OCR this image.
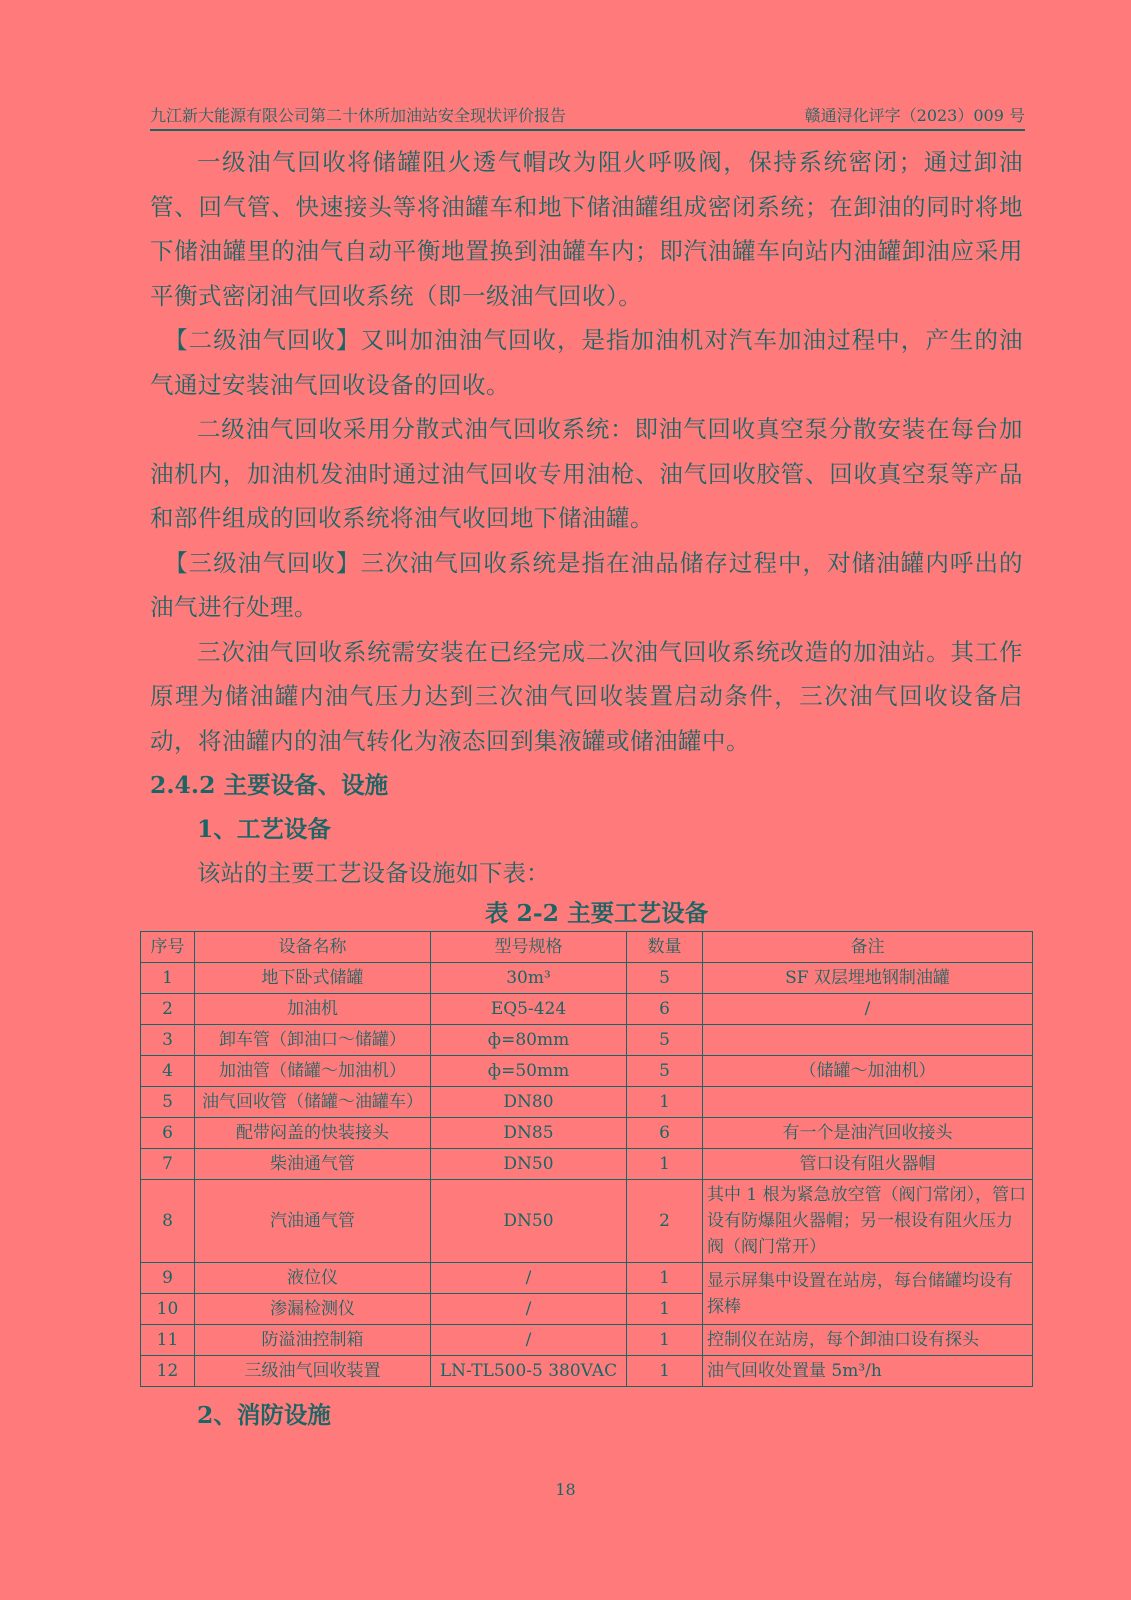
九江新大能源有限公司第二十休所加油站安全现状评价报告	赣通浔化评字（2023）009 号

一级油气回收将储罐阻火透气帽改为阻火呼吸阀，保持系统密闭；通过卸油管、回气管、快速接头等将油罐车和地下储油罐组成密闭系统；在卸油的同时将地下储油罐里的油气自动平衡地置换到油罐车内；即汽油罐车向站内油罐卸油应采用平衡式密闭油气回收系统（即一级油气回收）。

【二级油气回收】又叫加油油气回收，是指加油机对汽车加油过程中，产生的油气通过安装油气回收设备的回收。

二级油气回收采用分散式油气回收系统：即油气回收真空泵分散安装在每台加油机内，加油机发油时通过油气回收专用油枪、油气回收胶管、回收真空泵等产品和部件组成的回收系统将油气收回地下储油罐。

【三级油气回收】三次油气回收系统是指在油品储存过程中，对储油罐内呼出的油气进行处理。

三次油气回收系统需安装在已经完成二次油气回收系统改造的加油站。其工作原理为储油罐内油气压力达到三次油气回收装置启动条件，三次油气回收设备启动，将油罐内的油气转化为液态回到集液罐或储油罐中。

2.4.2 主要设备、设施

1、工艺设备

该站的主要工艺设备设施如下表：

表 2-2 主要工艺设备

序号	设备名称	型号规格	数量	备注
1	地下卧式储罐	30m³	5	SF 双层埋地钢制油罐
2	加油机	EQ5-424	6	/
3	卸车管（卸油口～储罐）	ф=80mm	5	
4	加油管（储罐～加油机）	ф=50mm	5	（储罐～加油机）
5	油气回收管（储罐～油罐车）	DN80	1	
6	配带闷盖的快装接头	DN85	6	有一个是油汽回收接头
7	柴油通气管	DN50	1	管口设有阻火器帽
8	汽油通气管	DN50	2	其中 1 根为紧急放空管（阀门常闭），管口设有防爆阻火器帽；另一根设有阻火压力阀（阀门常开）
9	液位仪	/	1	显示屏集中设置在站房，每台储罐均设有探棒
10	渗漏检测仪	/	1	
11	防溢油控制箱	/	1	控制仪在站房，每个卸油口设有探头
12	三级油气回收装置	LN-TL500-5 380VAC	1	油气回收处置量 5m³/h

2、消防设施

18
